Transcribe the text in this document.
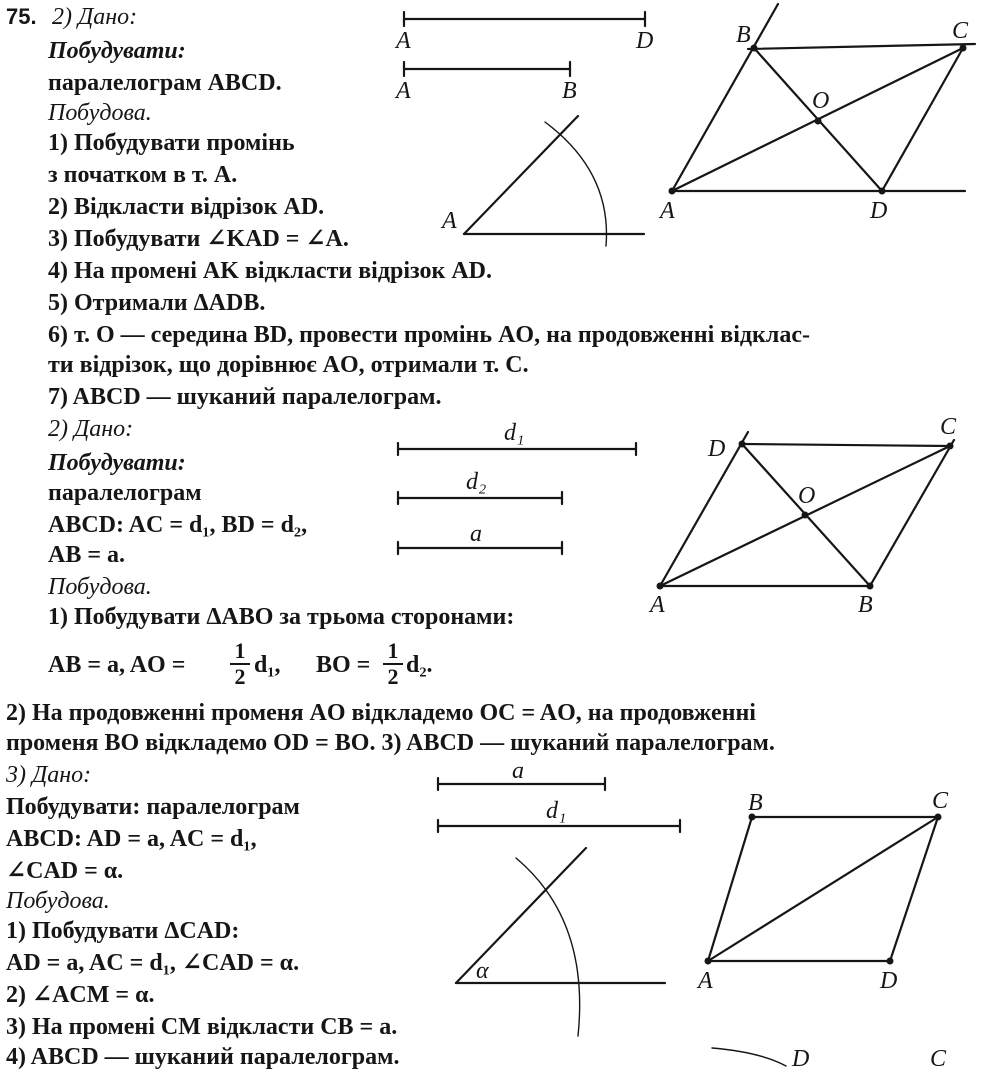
75. 2) Дано:
Побудувати:
паралелограм ABCD.
Побудова.
1) Побудувати промінь
з початком в т. A.
2) Відкласти відрізок AD.
3) Побудувати ∠KAD = ∠A.
4) На промені AK відкласти відрізок AD.
5) Отримали ΔADB.
6) т. O — середина BD, провести промінь AO, на продовженні відклас-
ти відрізок, що дорівнює AO, отримали т. C.
7) ABCD — шуканий паралелограм.
2) Дано:
Побудувати:
паралелограм
ABCD: AC = d₁, BD = d₂,
AB = a.
Побудова.
1) Побудувати ΔABO за трьома сторонами:
AB = a, AO =
1
2 d₁, BO =
1
2 d₂.
2) На продовженні променя AO відкладемо OC = AO, на продовженні
променя BO відкладемо OD = BO. 3) ABCD — шуканий паралелограм.
3) Дано:
Побудувати: паралелограм
ABCD: AD = a, AC = d₁,
∠CAD = α.
Побудова.
1) Побудувати ΔCAD:
AD = a, AC = d₁, ∠CAD = α.
2) ∠ACM = α.
3) На промені CM відкласти CB = a.
4) ABCD — шуканий паралелограм.
A	D
A	B
A
B	C
O
A	D
d₁
d₂
a
D
C
O
A	B
a
d₁
α
B	C
A	D
D	C
